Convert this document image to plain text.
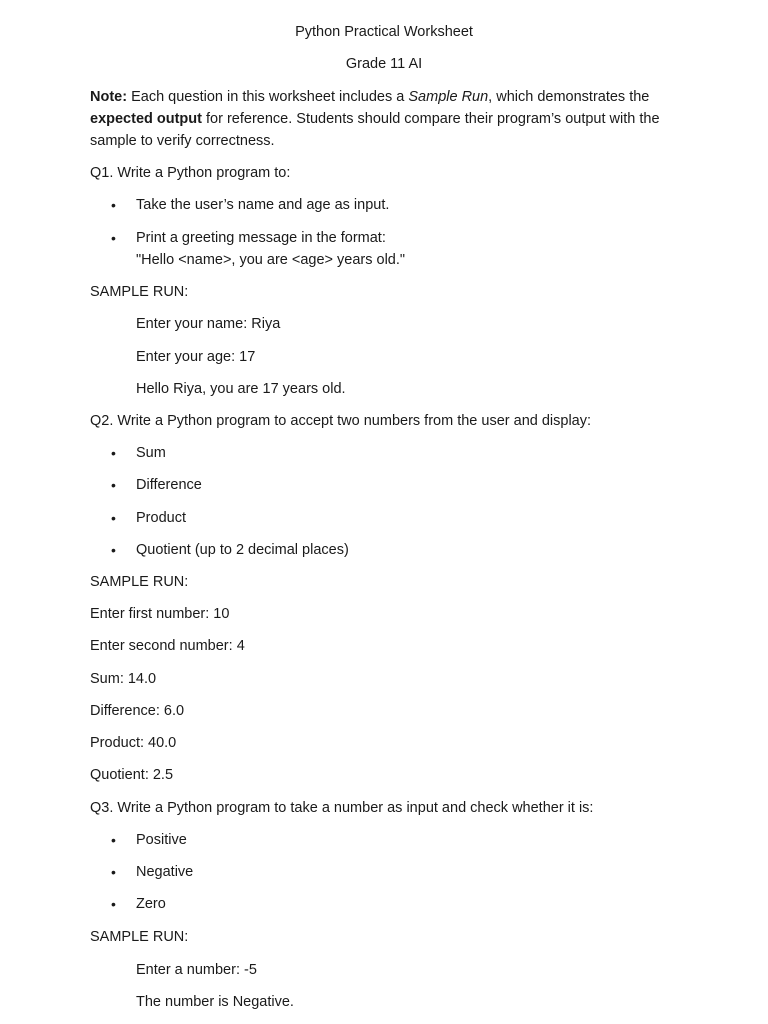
Python Practical Worksheet
Grade 11 AI
Note: Each question in this worksheet includes a Sample Run, which demonstrates the
expected output for reference. Students should compare their program’s output with the
sample to verify correctness.
Q1. Write a Python program to:
• Take the user’s name and age as input.
• Print a greeting message in the format:
"Hello <name>, you are <age> years old."
SAMPLE RUN:
Enter your name: Riya
Enter your age: 17
Hello Riya, you are 17 years old.
Q2. Write a Python program to accept two numbers from the user and display:
• Sum
• Difference
• Product
• Quotient (up to 2 decimal places)
SAMPLE RUN:
Enter first number: 10
Enter second number: 4
Sum: 14.0
Difference: 6.0
Product: 40.0
Quotient: 2.5
Q3. Write a Python program to take a number as input and check whether it is:
• Positive
• Negative
• Zero
SAMPLE RUN:
Enter a number: -5
The number is Negative.
